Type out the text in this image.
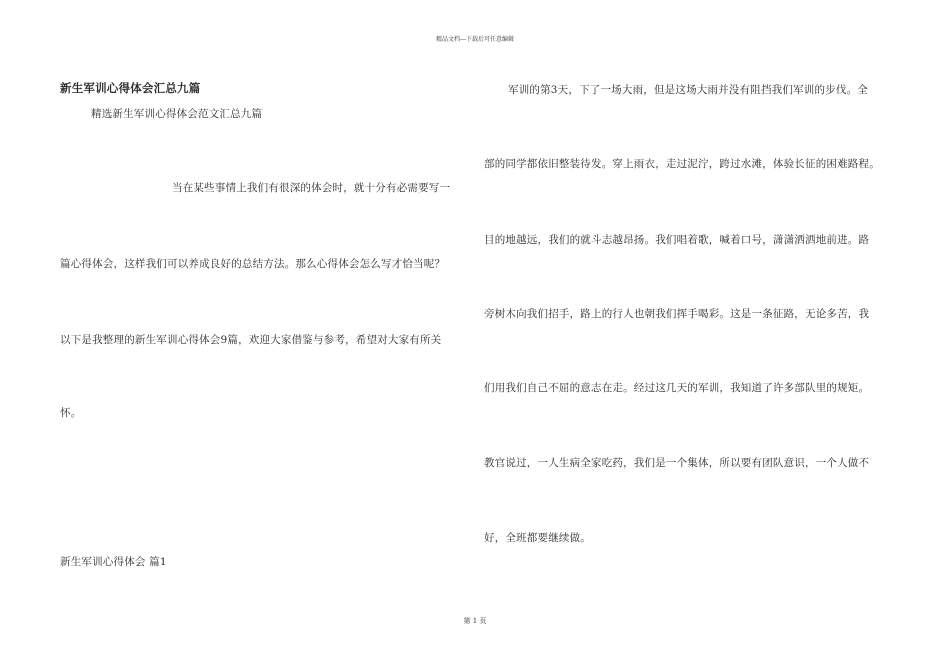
精品文档---下载后可任意编辑
新生军训心得体会汇总九篇
精选新生军训心得体会范文汇总九篇
当在某些事情上我们有很深的体会时，就十分有必需要写一
篇心得体会，这样我们可以养成良好的总结方法。那么心得体会怎么写才恰当呢？
以下是我整理的新生军训心得体会9篇，欢迎大家借鉴与参考，希望对大家有所关
怀。
新生军训心得体会 篇1
军训的第3天，下了一场大雨，但是这场大雨并没有阻挡我们军训的步伐。全
部的同学都依旧整装待发。穿上雨衣，走过泥泞，跨过水滩，体验长征的困难路程。
目的地越远，我们的就斗志越昂扬。我们唱着歌，喊着口号，潇潇洒洒地前进。路
旁树木向我们招手，路上的行人也朝我们挥手喝彩。这是一条征路，无论多苦，我
们用我们自己不屈的意志在走。经过这几天的军训，我知道了许多部队里的规矩。
教官说过，一人生病全家吃药，我们是一个集体，所以要有团队意识，一个人做不
好，全班都要继续做。
第 1 页
